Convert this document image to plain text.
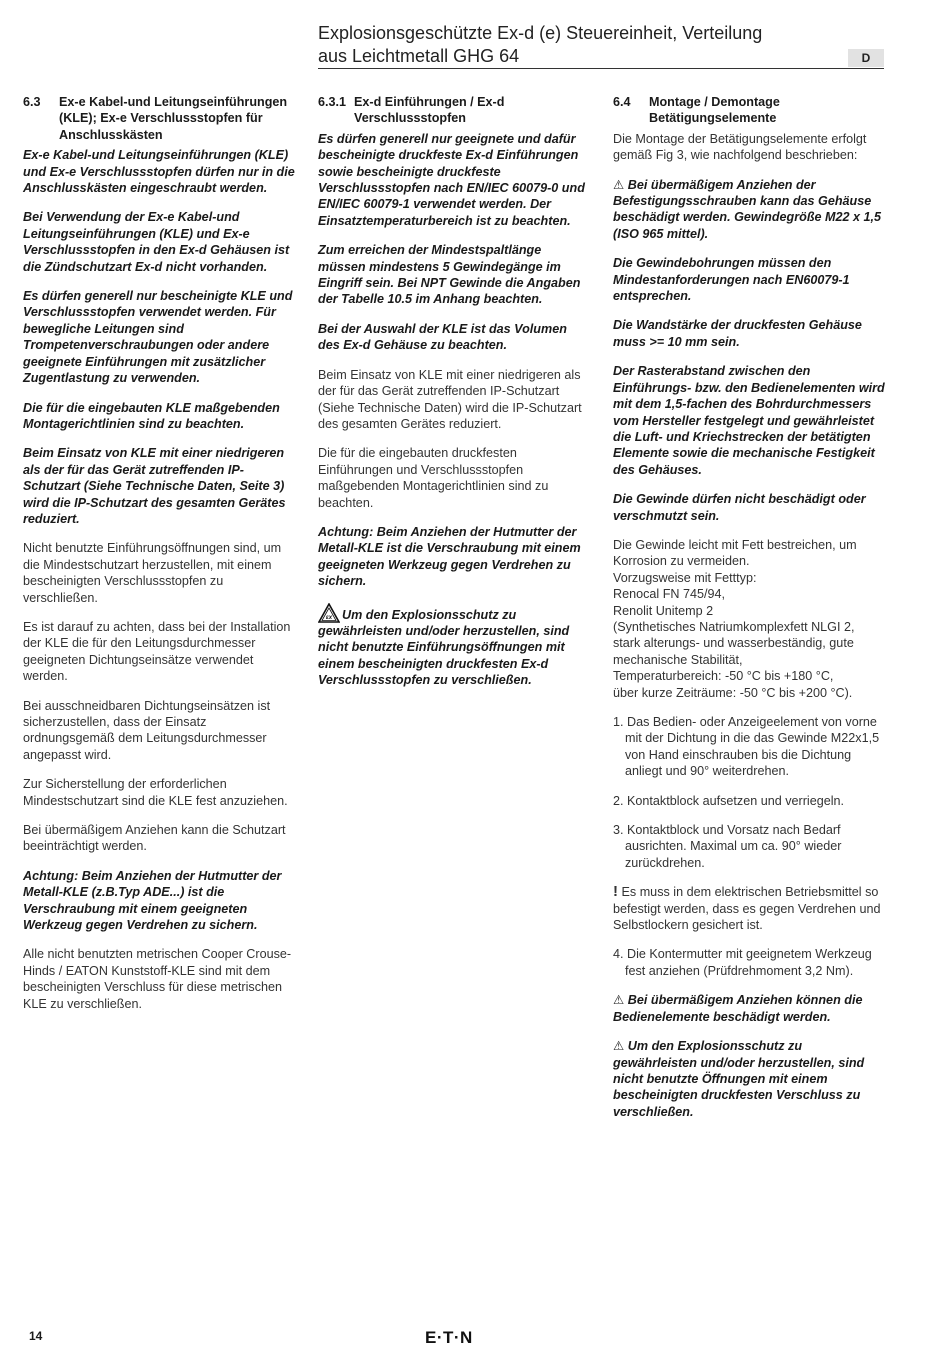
Explosionsgeschützte Ex-d (e) Steuereinheit, Verteilung
aus Leichtmetall GHG 64	D
6.3	Ex-e Kabel-und Leitungseinführungen (KLE); Ex-e Verschlussstopfen für Anschlusskästen

Ex-e Kabel-und Leitungseinführungen (KLE) und Ex-e Verschlussstopfen dürfen nur in die Anschlusskästen eingeschraubt werden.

Bei Verwendung der Ex-e Kabel-und Leitungseinführungen (KLE) und Ex-e Verschlussstopfen in den Ex-d Gehäusen ist die Zündschutzart Ex-d nicht vorhanden.

Es dürfen generell nur bescheinigte KLE und Verschlussstopfen verwendet werden. Für bewegliche Leitungen sind Trompetenverschraubungen oder andere geeignete Einführungen mit zusätzlicher Zugentlastung zu verwenden.

Die für die eingebauten KLE maßgebenden Montagerichtlinien sind zu beachten.

Beim Einsatz von KLE mit einer niedrigeren als der für das Gerät zutreffenden IP-Schutzart (Siehe Technische Daten, Seite 3) wird die IP-Schutzart des gesamten Gerätes reduziert.

Nicht benutzte Einführungsöffnungen sind, um die Mindestschutzart herzustellen, mit einem bescheinigten Verschlussstopfen zu verschließen.

Es ist darauf zu achten, dass bei der Installation der KLE die für den Leitungsdurchmesser geeigneten Dichtungseinsätze verwendet werden.

Bei ausschneidbaren Dichtungseinsätzen ist sicherzustellen, dass der Einsatz ordnungsgemäß dem Leitungsdurchmesser angepasst wird.

Zur Sicherstellung der erforderlichen Mindestschutzart sind die KLE fest anzuziehen.

Bei übermäßigem Anziehen kann die Schutzart beeinträchtigt werden.

Achtung: Beim Anziehen der Hutmutter der Metall-KLE (z.B.Typ ADE...) ist die Verschraubung mit einem geeigneten Werkzeug gegen Verdrehen zu sichern.

Alle nicht benutzten metrischen Cooper Crouse-Hinds / EATON Kunststoff-KLE sind mit dem bescheinigten Verschluss für diese metrischen KLE zu verschließen.

6.3.1 Ex-d Einführungen / Ex-d Verschlussstopfen

Es dürfen generell nur geeignete und dafür bescheinigte druckfeste Ex-d Einführungen sowie bescheinigte druckfeste Verschlussstopfen nach EN/IEC 60079-0 und EN/IEC 60079-1 verwendet werden. Der Einsatztemperaturbereich ist zu beachten.

Zum erreichen der Mindestspaltlänge müssen mindestens 5 Gewindegänge im Eingriff sein. Bei NPT Gewinde die Angaben der Tabelle 10.5 im Anhang beachten.

Bei der Auswahl der KLE ist das Volumen des Ex-d Gehäuse zu beachten.

Beim Einsatz von KLE mit einer niedrigeren als der für das Gerät zutreffenden IP-Schutzart (Siehe Technische Daten) wird die IP-Schutzart des gesamten Gerätes reduziert.

Die für die eingebauten druckfesten Einführungen und Verschlussstopfen maßgebenden Montagerichtlinien sind zu beachten.

Achtung: Beim Anziehen der Hutmutter der Metall-KLE ist die Verschraubung mit einem geeigneten Werkzeug gegen Verdrehen zu sichern.

εx Um den Explosionsschutz zu gewährleisten und/oder herzustellen, sind nicht benutzte Einführungsöffnungen mit einem bescheinigten druckfesten Ex-d Verschlussstopfen zu verschließen.

6.4	Montage / Demontage Betätigungselemente

Die Montage der Betätigungselemente erfolgt gemäß Fig 3, wie nachfolgend beschrieben:

⚠ Bei übermäßigem Anziehen der Befestigungsschrauben kann das Gehäuse beschädigt werden. Gewindegröße M22 x 1,5 (ISO 965 mittel).

Die Gewindebohrungen müssen den Mindestanforderungen nach EN60079-1 entsprechen.

Die Wandstärke der druckfesten Gehäuse muss >= 10 mm sein.

Der Rasterabstand zwischen den Einführungs- bzw. den Bedienelementen wird mit dem 1,5-fachen des Bohrdurchmessers vom Hersteller festgelegt und gewährleistet die Luft- und Kriechstrecken der betätigten Elemente sowie die mechanische Festigkeit des Gehäuses.

Die Gewinde dürfen nicht beschädigt oder verschmutzt sein.

Die Gewinde leicht mit Fett bestreichen, um Korrosion zu vermeiden.
Vorzugsweise mit Fetttyp:
Renocal FN 745/94,
Renolit Unitemp 2
(Synthetisches Natriumkomplexfett NLGI 2, stark alterungs- und wasserbeständig, gute mechanische Stabilität,
Temperaturbereich: -50 °C bis +180 °C,
über kurze Zeiträume: -50 °C bis +200 °C).

1. Das Bedien- oder Anzeigeelement von vorne mit der Dichtung in die das Gewinde M22x1,5 von Hand einschrauben bis die Dichtung anliegt und 90° weiterdrehen.
2. Kontaktblock aufsetzen und verriegeln.
3. Kontaktblock und Vorsatz nach Bedarf ausrichten. Maximal um ca. 90° wieder zurückdrehen.

! Es muss in dem elektrischen Betriebsmittel so befestigt werden, dass es gegen Verdrehen und Selbstlockern gesichert ist.

4. Die Kontermutter mit geeignetem Werkzeug fest anziehen (Prüfdrehmoment 3,2 Nm).

⚠ Bei übermäßigem Anziehen können die Bedienelemente beschädigt werden.

⚠ Um den Explosionsschutz zu gewährleisten und/oder herzustellen, sind nicht benutzte Öffnungen mit einem bescheinigten druckfesten Verschluss zu verschließen.

14	E·T·N
